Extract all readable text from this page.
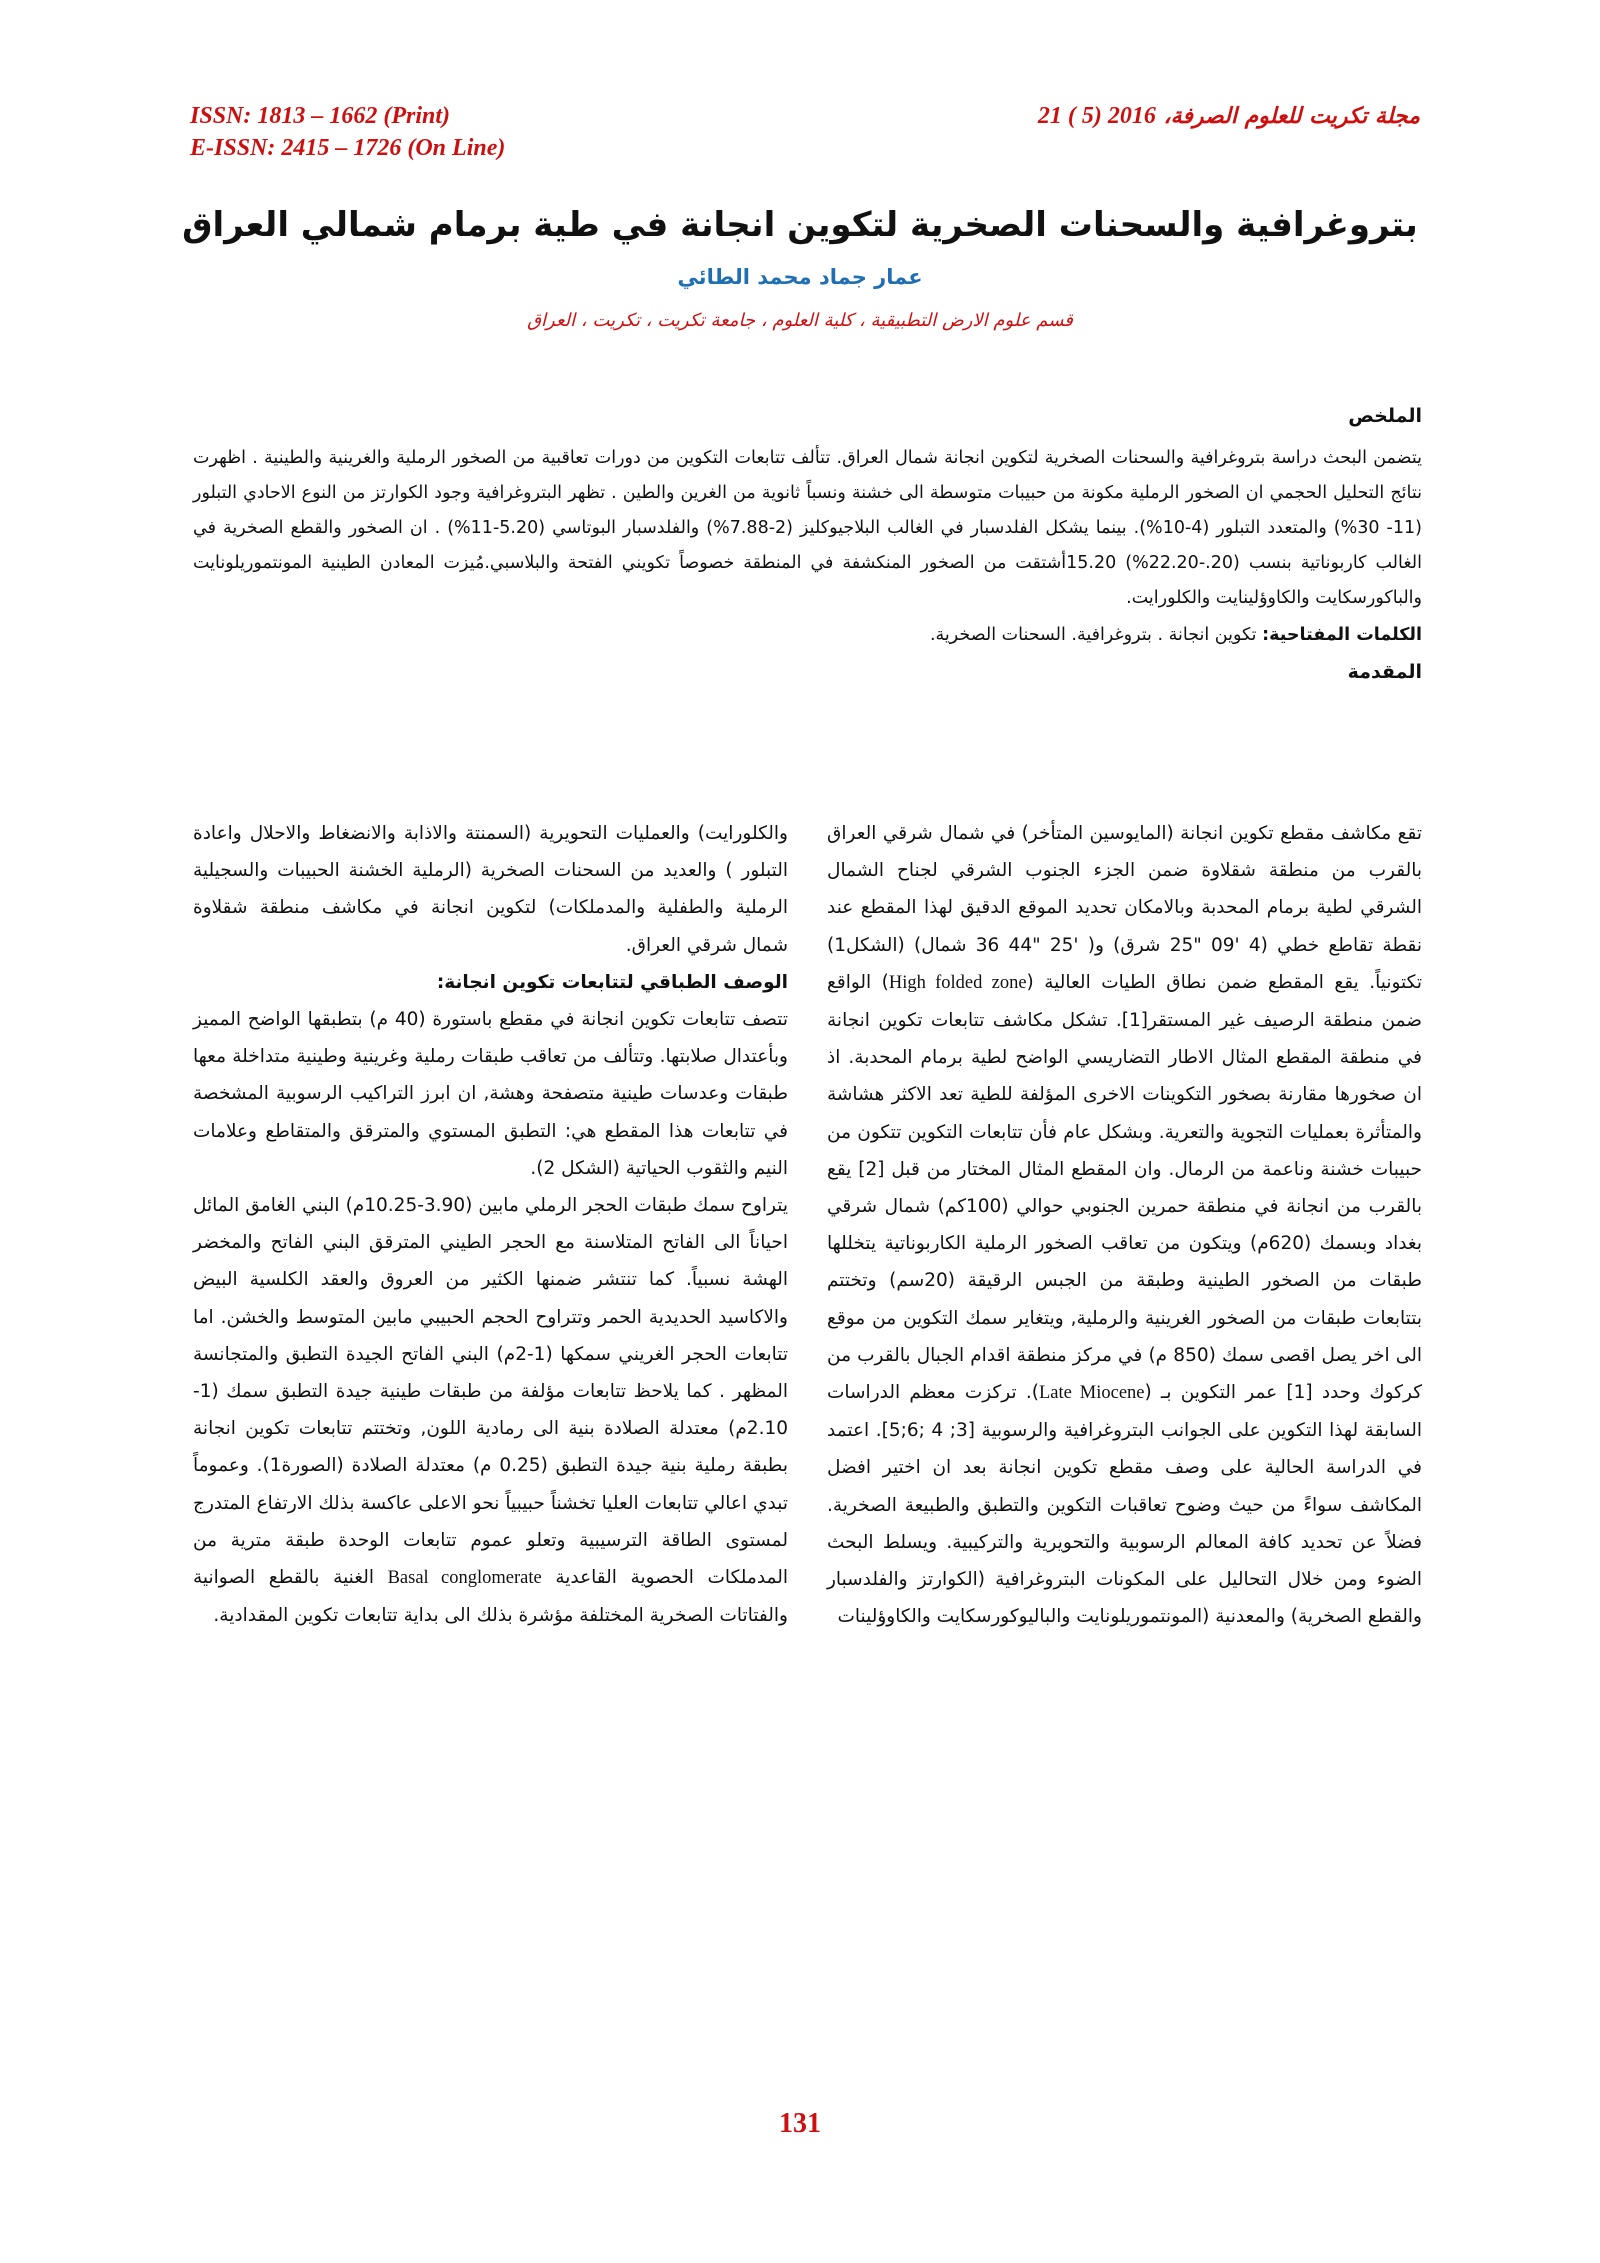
ISSN: 1813 – 1662 (Print)
E-ISSN: 2415 – 1726 (On Line)
مجلة تكريت للعلوم الصرفة، 21 ( 5) 2016
بتروغرافية والسحنات الصخرية لتكوين انجانة في طية برمام شمالي العراق
عمار جماد محمد الطائي
قسم علوم الارض التطبيقية ، كلية العلوم ، جامعة تكريت ، تكريت ، العراق
الملخص

يتضمن البحث دراسة بتروغرافية والسحنات الصخرية لتكوين انجانة شمال العراق. تتألف تتابعات التكوين من دورات تعاقبية من الصخور الرملية والغرينية والطينية . اظهرت نتائج التحليل الحجمي ان الصخور الرملية مكونة من حبيبات متوسطة الى خشنة ونسباً ثانوية من الغرين والطين . تظهر البتروغرافية وجود الكوارتز من النوع الاحادي التبلور (11- 30%) والمتعدد التبلور (4-10%). بينما يشكل الفلدسبار في الغالب البلاجيوكليز (2-7.88%) والفلدسبار البوتاسي (5.20-11%) . ان الصخور والقطع الصخرية في الغالب كاربوناتية بنسب (20.-22.20%) 15.20أشتقت من الصخور المنكشفة في المنطقة خصوصاً تكويني الفتحة والبلاسبي.مُيزت المعادن الطينية المونتموريلونايت والباكورسكايت والكاوؤلينايت والكلورايت.

الكلمات المفتاحية: تكوين انجانة . بتروغرافية. السحنات الصخرية.
المقدمة

تقع مكاشف مقطع تكوين انجانة (المايوسين المتأخر) في شمال شرقي العراق بالقرب من منطقة شقلاوة ضمن الجزء الجنوب الشرقي لجناح الشمال الشرقي لطية برمام المحدبة وبالامكان تحديد الموقع الدقيق لهذا المقطع عند نقطة تقاطع خطي (4 '09 "25 شرق) و( '25 "44 36 شمال) (الشكل1) تكتونياً. يقع المقطع ضمن نطاق الطيات العالية (High folded zone) الواقع ضمن منطقة الرصيف غير المستقر[1]. تشكل مكاشف تتابعات تكوين انجانة في منطقة المقطع المثال الاطار التضاريسي الواضح لطية برمام المحدبة. اذ ان صخورها مقارنة بصخور التكوينات الاخرى المؤلفة للطية تعد الاكثر هشاشة والمتأثرة بعمليات التجوية والتعرية. وبشكل عام فأن تتابعات التكوين تتكون من حبيبات خشنة وناعمة من الرمال. وان المقطع المثال المختار من قبل [2] يقع بالقرب من انجانة في منطقة حمرين الجنوبي حوالي (100كم) شمال شرقي بغداد وبسمك (620م) ويتكون من تعاقب الصخور الرملية الكاربوناتية يتخللها طبقات من الصخور الطينية وطبقة من الجبس الرقيقة (20سم) وتختتم بتتابعات طبقات من الصخور الغرينية والرملية, ويتغاير سمك التكوين من موقع الى اخر يصل اقصى سمك (850 م) في مركز منطقة اقدام الجبال بالقرب من كركوك وحدد [1] عمر التكوين بـ (Late Miocene). تركزت معظم الدراسات السابقة لهذا التكوين على الجوانب البتروغرافية والرسوبية [3; 4 ;6;5]. اعتمد في الدراسة الحالية على وصف مقطع تكوين انجانة بعد ان اختير افضل المكاشف سواءً من حيث وضوح تعاقبات التكوين والتطبق والطبيعة الصخرية. فضلاً عن تحديد كافة المعالم الرسوبية والتحويرية والتركيبية. ويسلط البحث الضوء ومن خلال التحاليل على المكونات البتروغرافية (الكوارتز والفلدسبار والقطع الصخرية) والمعدنية (المونتموريلونايت والباليوكورسكايت والكاوؤلينات

والكلورايت) والعمليات التحويرية (السمنتة والاذابة والانضغاط والاحلال واعادة التبلور ) والعديد من السحنات الصخرية (الرملية الخشنة الحبيبات والسجيلية الرملية والطفلية والمدملكات) لتكوين انجانة في مكاشف منطقة شقلاوة شمال شرقي العراق.

الوصف الطباقي لتتابعات تكوين انجانة:

تتصف تتابعات تكوين انجانة في مقطع باستورة (40 م) بتطبقها الواضح المميز وبأعتدال صلابتها. وتتألف من تعاقب طبقات رملية وغرينية وطينية متداخلة معها طبقات وعدسات طينية متصفحة وهشة, ان ابرز التراكيب الرسوبية المشخصة في تتابعات هذا المقطع هي: التطبق المستوي والمترقق والمتقاطع وعلامات النيم والثقوب الحياتية (الشكل 2).

يتراوح سمك طبقات الحجر الرملي مابين (3.90-10.25م) البني الغامق المائل احياناً الى الفاتح المتلاسنة مع الحجر الطيني المترقق البني الفاتح والمخضر الهشة نسبياً. كما تنتشر ضمنها الكثير من العروق والعقد الكلسية البيض والاكاسيد الحديدية الحمر وتتراوح الحجم الحبيبي مابين المتوسط والخشن. اما تتابعات الحجر الغريني سمكها (1-2م) البني الفاتح الجيدة التطبق والمتجانسة المظهر . كما يلاحظ تتابعات مؤلفة من طبقات طينية جيدة التطبق سمك (1-2.10م) معتدلة الصلادة بنية الى رمادية اللون, وتختتم تتابعات تكوين انجانة بطبقة رملية بنية جيدة التطبق (0.25 م) معتدلة الصلادة (الصورة1). وعموماً تبدي اعالي تتابعات العليا تخشناً حبيبياً نحو الاعلى عاكسة بذلك الارتفاع المتدرج لمستوى الطاقة الترسيبية وتعلو عموم تتابعات الوحدة طبقة مترية من المدملكات الحصوية القاعدية Basal conglomerate الغنية بالقطع الصوانية والفتاتات الصخرية المختلفة مؤشرة بذلك الى بداية تتابعات تكوين المقدادية.

131
